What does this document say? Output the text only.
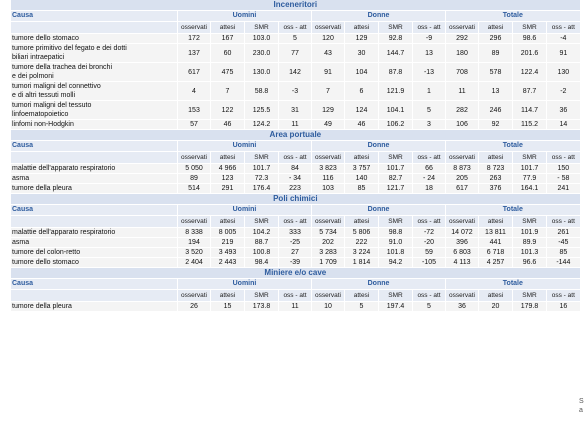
Inceneritori												
Causa	Uomini				Donne				Totale			
	osservati	attesi	SMR	oss - att	osservati	attesi	SMR	oss - att	osservati	attesi	SMR	oss - att

tumore dello stomaco	172	167	103.0	5	120	129	92.8	-9	292	296	98.6	-4

tumore primitivo del fegato e dei dotti
biliari intraepatici	137	60	230.0	77	43	30	144.7	13	180	89	201.6	91

tumore della trachea dei bronchi
e dei polmoni	617	475	130.0	142	91	104	87.8	-13	708	578	122.4	130

tumori maligni del connettivo
e di altri tessuti molli	4	7	58.8	-3	7	6	121.9	1	11	13	87.7	-2

tumori maligni del tessuto
linfoematopoietico	153	122	125.5	31	129	124	104.1	5	282	246	114.7	36

linfomi non-Hodgkin	57	46	124.2	11	49	46	106.2	3	106	92	115.2	14
Area portuale												
Causa	Uomini				Donne				Totale			
	osservati	attesi	SMR	oss - att	osservati	attesi	SMR	oss - att	osservati	attesi	SMR	oss - att

malattie dell'apparato respiratorio	5 050	4 966	101.7	84	3 823	3 757	101.7	66	8 873	8 723	101.7	150

asma	89	123	72.3	- 34	116	140	82.7	- 24	205	263	77.9	- 58

tumore della pleura	514	291	176.4	223	103	85	121.7	18	617	376	164.1	241
Poli chimici												
Causa	Uomini				Donne				Totale			
	osservati	attesi	SMR	oss - att	osservati	attesi	SMR	oss - att	osservati	attesi	SMR	oss - att

malattie dell'apparato respiratorio	8 338	8 005	104.2	333	5 734	5 806	98.8	-72	14 072	13 811	101.9	261

asma	194	219	88.7	-25	202	222	91.0	-20	396	441	89.9	-45

tumore del colon-retto	3 520	3 493	100.8	27	3 283	3 224	101.8	59	6 803	6 718	101.3	85

tumore dello stomaco	2 404	2 443	98.4	-39	1 709	1 814	94.2	-105	4 113	4 257	96.6	-144
Miniere e/o cave												
Causa	Uomini				Donne				Totale			
	osservati	attesi	SMR	oss - att	osservati	attesi	SMR	oss - att	osservati	attesi	SMR	oss - att

tumore della pleura	26	15	173.8	11	10	5	197.4	5	36	20	179.8	16
S
a
